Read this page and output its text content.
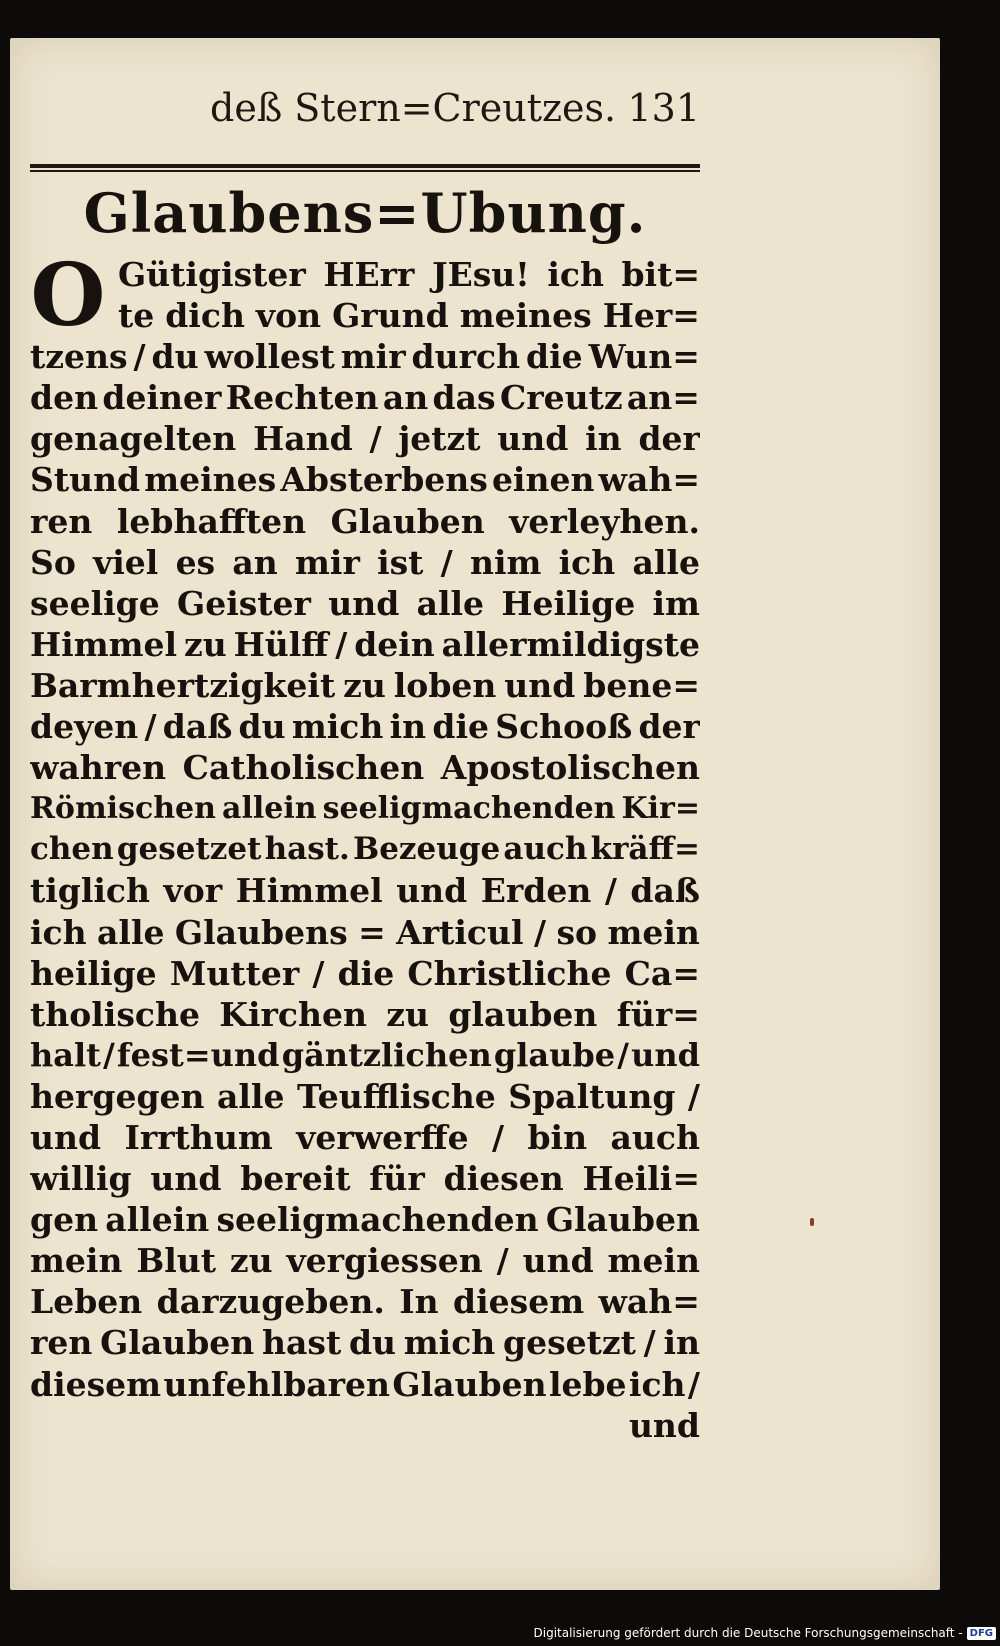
deß Stern=Creutzes. 131
Glaubens=Ubung.
O Gütigister HErr JEsu! ich bit=
te dich von Grund meines Her=
tzens / du wollest mir durch die Wun=
den deiner Rechten an das Creutz an=
genagelten Hand / jetzt und in der
Stund meines Absterbens einen wah=
ren lebhafften Glauben verleyhen.
So viel es an mir ist / nim ich alle
seelige Geister und alle Heilige im
Himmel zu Hülff / dein allermildigste
Barmhertzigkeit zu loben und bene=
deyen / daß du mich in die Schooß der
wahren Catholischen Apostolischen
Römischen allein seeligmachenden Kir=
chen gesetzet hast. Bezeuge auch kräff=
tiglich vor Himmel und Erden / daß
ich alle Glaubens = Articul / so mein
heilige Mutter / die Christliche Ca=
tholische Kirchen zu glauben für=
halt / fest=und gäntzlichen glaube / und
hergegen alle Teufflische Spaltung /
und Irrthum verwerffe / bin auch
willig und bereit für diesen Heili=
gen allein seeligmachenden Glauben
mein Blut zu vergiessen / und mein
Leben darzugeben. In diesem wah=
ren Glauben hast du mich gesetzt / in
diesem unfehlbaren Glauben lebe ich /
und
Digitalisierung gefördert durch die Deutsche Forschungsgemeinschaft - DFG
